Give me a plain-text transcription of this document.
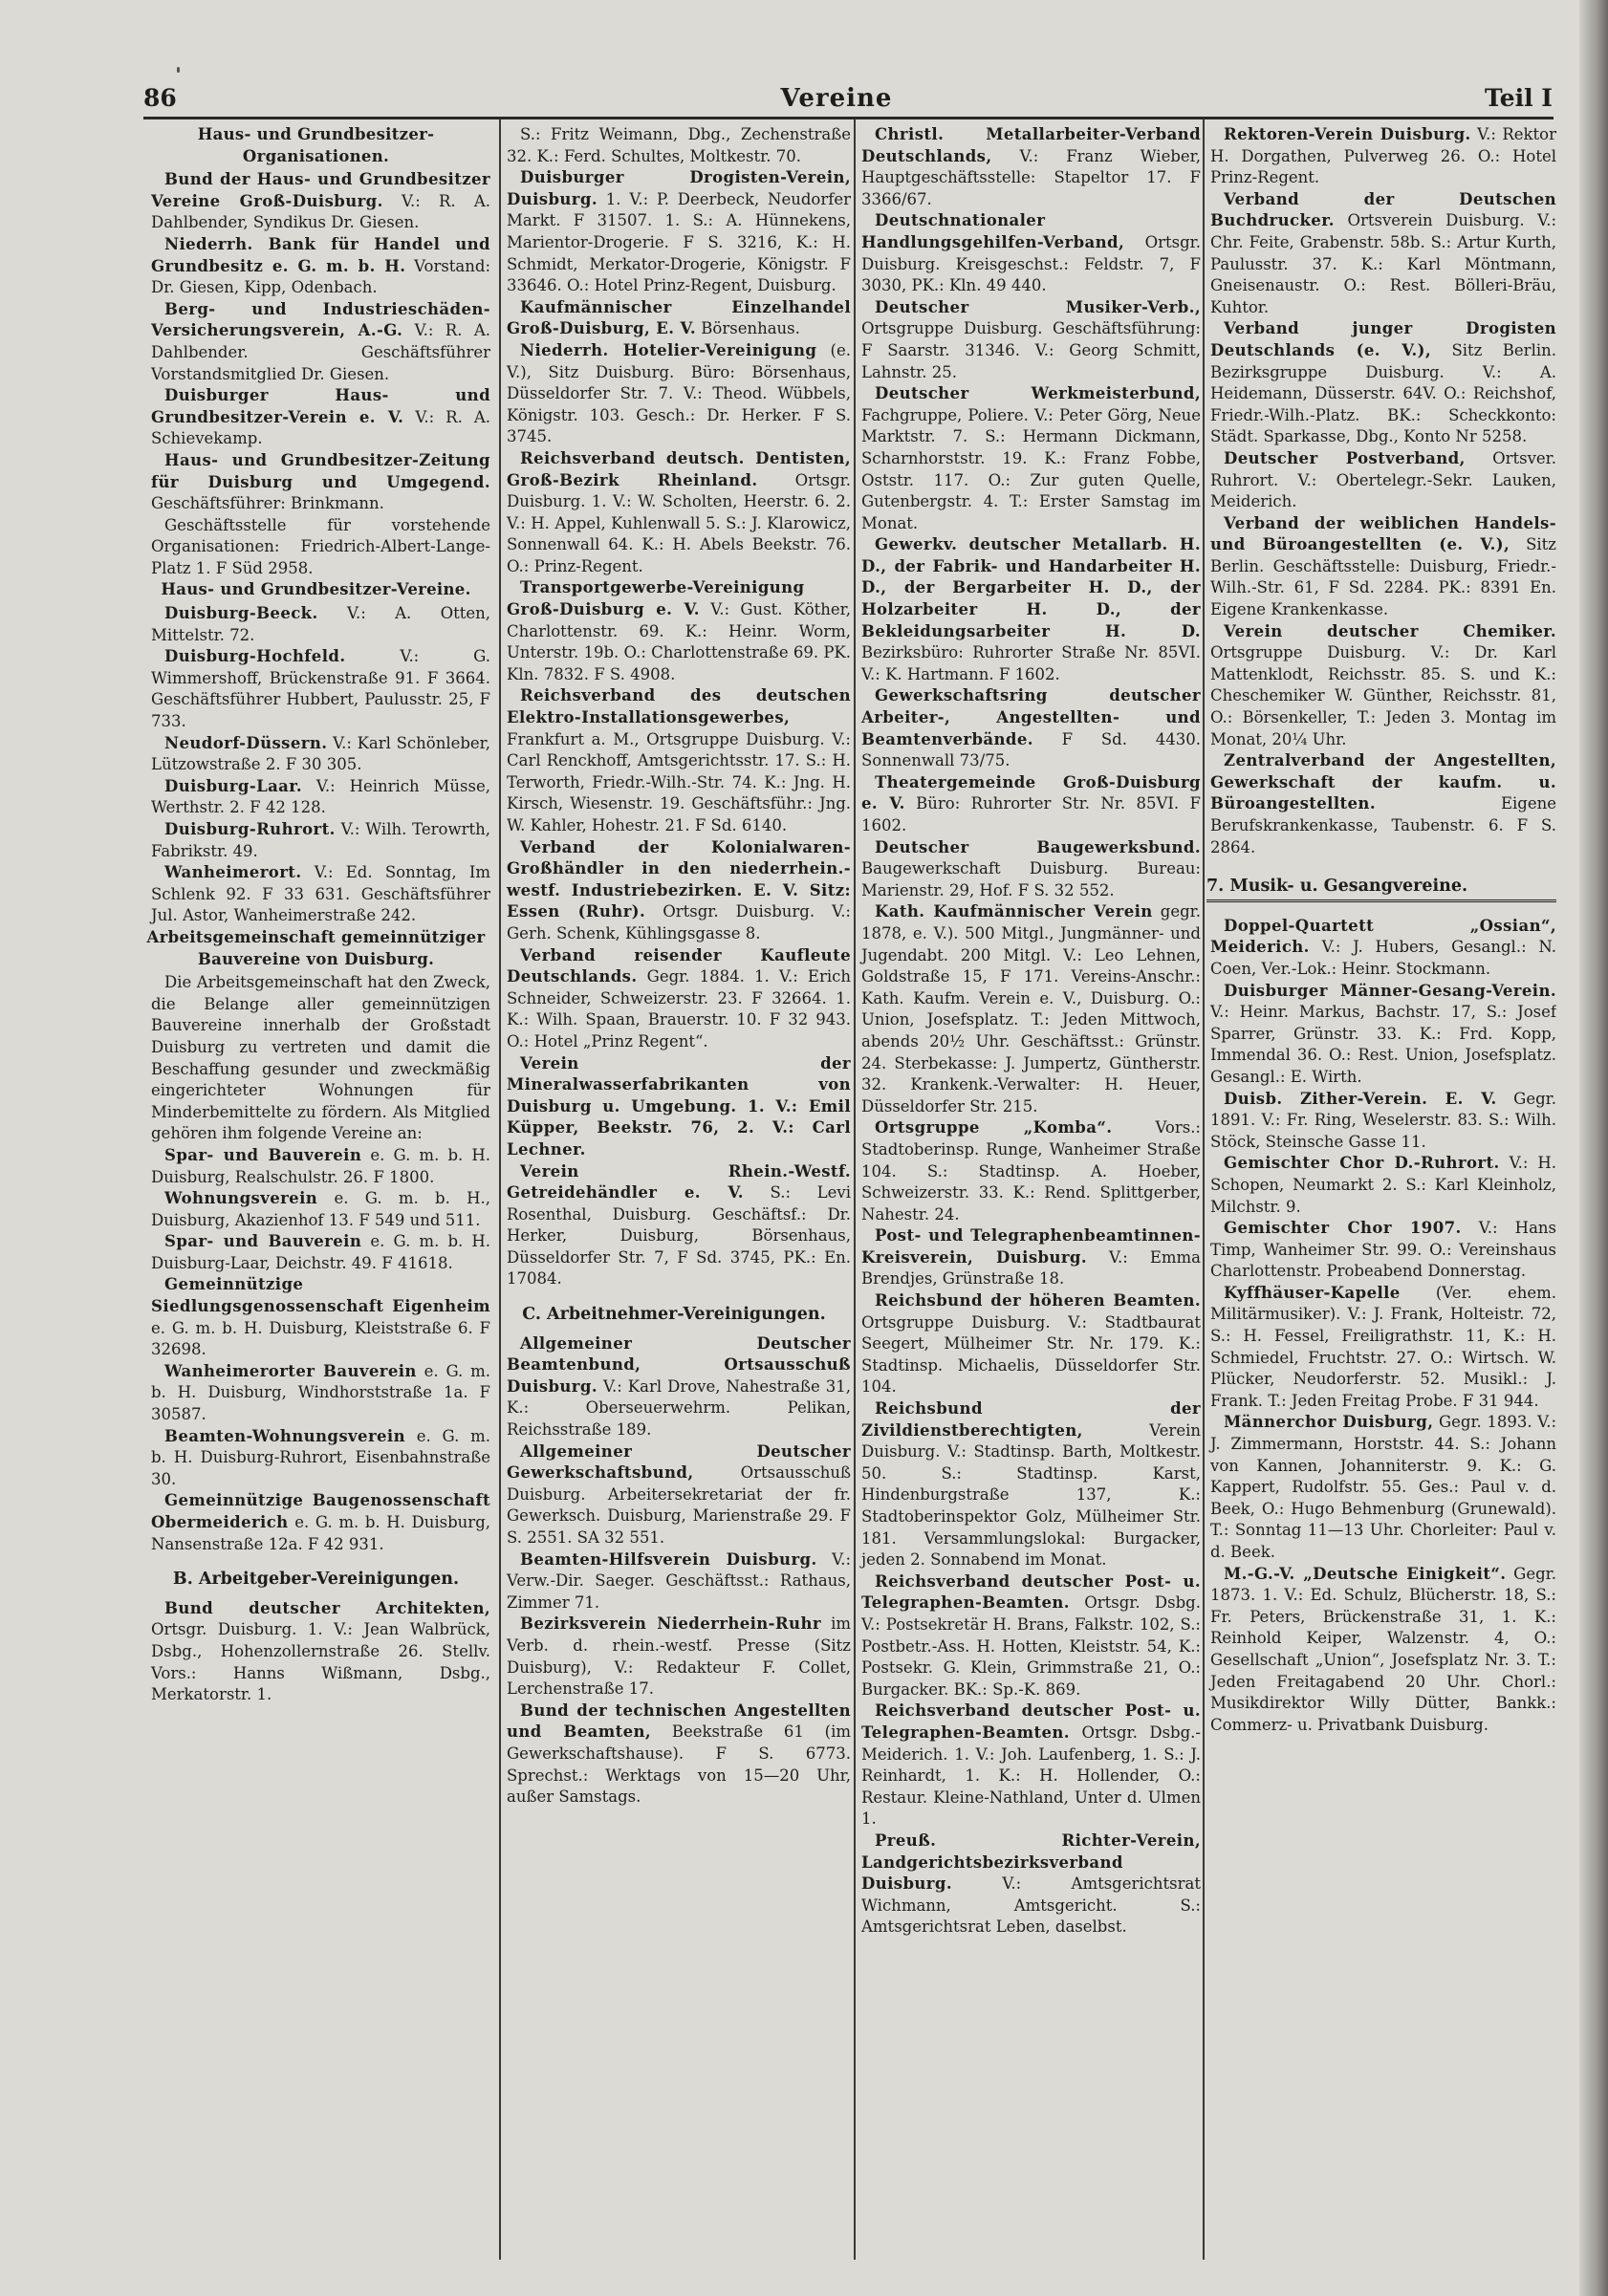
86	Vereine	Teil I
Haus- und Grundbesitzer-Organisationen.

Bund der Haus- und Grundbesitzer Vereine Groß-Duisburg. V.: R. A. Dahlbender, Syndikus Dr. Giesen.

Niederrh. Bank für Handel und Grundbesitz e. G. m. b. H. Vorstand: Dr. Giesen, Kipp, Odenbach.

Berg- und Industrieschäden-Versicherungsverein, A.-G. V.: R. A. Dahlbender. Geschäftsführer Vorstandsmitglied Dr. Giesen.

Duisburger Haus- und Grundbesitzer-Verein e. V. V.: R. A. Schievekamp.

Haus- und Grundbesitzer-Zeitung für Duisburg und Umgegend. Geschäftsführer: Brinkmann.

Geschäftsstelle für vorstehende Organisationen: Friedrich-Albert-Lange-Platz 1. F Süd 2958.

Haus- und Grundbesitzer-Vereine.

Duisburg-Beeck. V.: A. Otten, Mittelstr. 72.

Duisburg-Hochfeld.	V.: G. Wimmershoff, Brückenstraße 91. F 3664. Geschäftsführer Hubbert, Paulusstr. 25, F 733.

Neudorf-Düssern. V.: Karl Schönleber, Lützowstraße 2. F 30 305.

Duisburg-Laar. V.: Heinrich Müsse, Werthstr. 2. F 42 128.

Duisburg-Ruhrort. V.: Wilh. Terowrth, Fabrikstr. 49.

Wanheimerort. V.: Ed. Sonntag, Im Schlenk 92. F 33 631. Geschäftsführer Jul. Astor, Wanheimerstraße 242.

Arbeitsgemeinschaft gemeinnütziger Bauvereine von Duisburg.

Die Arbeitsgemeinschaft hat den Zweck, die Belange aller gemeinnützigen Bauvereine innerhalb der Großstadt Duisburg zu vertreten und damit die Beschaffung gesunder und zweckmäßig eingerichteter Wohnungen für Minderbemittelte zu fördern. Als Mitglied gehören ihm folgende Vereine an:

Spar- und Bauverein e. G. m. b. H. Duisburg, Realschulstr. 26. F 1800.

Wohnungsverein e. G. m. b. H., Duisburg, Akazienhof 13. F 549 und 511.

Spar- und Bauverein e. G. m. b. H. Duisburg-Laar, Deichstr. 49. F 41618.

Gemeinnützige Siedlungsgenossenschaft Eigenheim e. G. m. b. H. Duisburg, Kleiststraße 6. F 32698.

Wanheimerorter Bauverein e. G. m. b. H. Duisburg, Windhorststraße 1a. F 30587.

Beamten-Wohnungsverein e. G. m. b. H. Duisburg-Ruhrort, Eisenbahnstraße 30.

Gemeinnützige Baugenossenschaft Obermeiderich e. G. m. b. H. Duisburg, Nansenstraße 12a. F 42 931.

B. Arbeitgeber-Vereinigungen.

Bund deutscher Architekten, Ortsgr. Duisburg. 1. V.: Jean Walbrück, Dsbg., Hohenzollernstraße 26. Stellv. Vors.: Hanns Wißmann, Dsbg., Merkatorstr. 1.

S.: Fritz Weimann, Dbg., Zechenstraße 32. K.: Ferd. Schultes, Moltkestr. 70.

Duisburger Drogisten-Verein, Duisburg. 1. V.: P. Deerbeck, Neudorfer Markt. F 31507. 1. S.: A. Hünnekens, Marientor-Drogerie. F S. 3216, K.: H. Schmidt, Merkator-Drogerie, Königstr. F 33646. O.: Hotel Prinz-Regent, Duisburg.

Kaufmännischer Einzelhandel Groß-Duisburg, E. V. Börsenhaus.

Niederrh. Hotelier-Vereinigung (e. V.), Sitz Duisburg. Büro: Börsenhaus, Düsseldorfer Str. 7. V.: Theod. Wübbels, Königstr. 103. Gesch.: Dr. Herker. F S. 3745.

Reichsverband deutsch. Dentisten, Groß-Bezirk Rheinland. Ortsgr. Duisburg. 1. V.: W. Scholten, Heerstr. 6. 2. V.: H. Appel, Kuhlenwall 5. S.: J. Klarowicz, Sonnenwall 64. K.: H. Abels Beekstr. 76. O.: Prinz-Regent.

Transportgewerbe-Vereinigung Groß-Duisburg e. V. V.: Gust. Köther, Charlottenstr. 69. K.: Heinr. Worm, Unterstr. 19b. O.: Charlottenstraße 69. PK. Kln. 7832. F S. 4908.

Reichsverband des deutschen Elektro-Installationsgewerbes, Frankfurt a. M., Ortsgruppe Duisburg. V.: Carl Renckhoff, Amtsgerichtsstr. 17. S.: H. Terworth, Friedr.-Wilh.-Str. 74. K.: Jng. H. Kirsch, Wiesenstr. 19. Geschäftsführ.: Jng. W. Kahler, Hohestr. 21. F Sd. 6140.

Verband der Kolonialwaren-Großhändler in den niederrhein.-westf. Industriebezirken. E. V. Sitz: Essen (Ruhr). Ortsgr. Duisburg. V.: Gerh. Schenk, Kühlingsgasse 8.

Verband reisender Kaufleute Deutschlands. Gegr. 1884. 1. V.: Erich Schneider, Schweizerstr. 23. F 32664. 1. K.: Wilh. Spaan, Brauerstr. 10. F 32 943. O.: Hotel „Prinz Regent“.

Verein der Mineralwasserfabrikanten von Duisburg u. Umgebung. 1. V.: Emil Küpper, Beekstr. 76, 2. V.: Carl Lechner.

Verein Rhein.-Westf. Getreidehändler e. V. S.: Levi Rosenthal, Duisburg. Geschäftsf.: Dr. Herker, Duisburg, Börsenhaus, Düsseldorfer Str. 7, F Sd. 3745, PK.: En. 17084.

C. Arbeitnehmer-Vereinigungen.

Allgemeiner Deutscher Beamtenbund, Ortsausschuß Duisburg. V.: Karl Drove, Nahestraße 31, K.: Oberseuerwehrm. Pelikan, Reichsstraße 189.

Allgemeiner Deutscher Gewerkschaftsbund,	Ortsausschuß Duisburg. Arbeitersekretariat der fr. Gewerksch. Duisburg, Marienstraße 29. F S. 2551. SA 32 551.

Beamten-Hilfsverein Duisburg. V.: Verw.-Dir. Saeger. Geschäftsst.: Rathaus, Zimmer 71.

Bezirksverein Niederrhein-Ruhr im Verb. d. rhein.-westf. Presse (Sitz Duisburg), V.: Redakteur F. Collet, Lerchenstraße 17.

Bund der technischen Angestellten und Beamten, Beekstraße 61 (im Gewerkschaftshause). F S. 6773. Sprechst.: Werktags von 15—20 Uhr, außer Samstags.

Christl. Metallarbeiter-Verband Deutschlands, V.: Franz Wieber, Hauptgeschäftsstelle: Stapeltor 17. F 3366/67.

Deutschnationaler Handlungsgehilfen-Verband, Ortsgr. Duisburg. Kreisgeschst.: Feldstr. 7, F 3030, PK.: Kln. 49 440.

Deutscher Musiker-Verb., Ortsgruppe Duisburg. Geschäftsführung: F Saarstr. 31346. V.: Georg Schmitt, Lahnstr. 25.

Deutscher Werkmeisterbund, Fachgruppe, Poliere. V.: Peter Görg, Neue Marktstr. 7. S.: Hermann Dickmann, Scharnhorststr. 19. K.: Franz Fobbe, Oststr. 117. O.: Zur guten Quelle, Gutenbergstr. 4. T.: Erster Samstag im Monat.

Gewerkv. deutscher Metallarb. H. D., der Fabrik- und Handarbeiter H. D., der Bergarbeiter H. D., der Holzarbeiter H. D., der Bekleidungsarbeiter H. D. Bezirksbüro: Ruhrorter Straße Nr. 85VI. V.: K. Hartmann. F 1602.

Gewerkschaftsring deutscher Arbeiter-, Angestellten- und Beamtenverbände. F Sd. 4430. Sonnenwall 73/75.

Theatergemeinde Groß-Duisburg e. V. Büro: Ruhrorter Str. Nr. 85VI. F 1602.

Deutscher Baugewerksbund. Baugewerkschaft Duisburg. Bureau: Marienstr. 29, Hof. F S. 32 552.

Kath. Kaufmännischer Verein gegr. 1878, e. V.). 500 Mitgl., Jungmänner- und Jugendabt. 200 Mitgl. V.: Leo Lehnen, Goldstraße 15, F 171. Vereins-Anschr.: Kath. Kaufm. Verein e. V., Duisburg. O.: Union, Josefsplatz. T.: Jeden Mittwoch, abends 20½ Uhr. Geschäftsst.: Grünstr. 24. Sterbekasse: J. Jumpertz, Güntherstr. 32. Krankenk.-Verwalter: H. Heuer, Düsseldorfer Str. 215.

Ortsgruppe „Komba“.	Vors.: Stadtoberinsp. Runge, Wanheimer Straße 104. S.: Stadtinsp. A. Hoeber, Schweizerstr. 33. K.: Rend. Splittgerber, Nahestr. 24.

Post- und Telegraphenbeamtinnen-Kreisverein, Duisburg. V.: Emma Brendjes, Grünstraße 18.

Reichsbund der höheren Beamten. Ortsgruppe Duisburg. V.: Stadtbaurat Seegert, Mülheimer Str. Nr. 179. K.: Stadtinsp. Michaelis, Düsseldorfer Str. 104.

Reichsbund der Zivildienstberechtigten,	Verein Duisburg. V.: Stadtinsp. Barth, Moltkestr. 50. S.: Stadtinsp. Karst, Hindenburgstraße 137, K.: Stadtoberinspektor Golz, Mülheimer Str. 181. Versammlungslokal: Burgacker, jeden 2. Sonnabend im Monat.

Reichsverband deutscher Post- u. Telegraphen-Beamten. Ortsgr. Dsbg. V.: Postsekretär H. Brans, Falkstr. 102, S.: Postbetr.-Ass. H. Hotten, Kleiststr. 54, K.: Postsekr. G. Klein, Grimmstraße 21, O.: Burgacker. BK.: Sp.-K. 869.

Reichsverband deutscher Post- u. Telegraphen-Beamten. Ortsgr. Dsbg.-Meiderich. 1. V.: Joh. Laufenberg, 1. S.: J. Reinhardt, 1. K.: H. Hollender, O.: Restaur. Kleine-Nathland, Unter d. Ulmen 1.

Preuß. Richter-Verein, Landgerichtsbezirksverband Duisburg.	V.: Amtsgerichtsrat Wichmann, Amtsgericht. S.: Amtsgerichtsrat Leben, daselbst.

Rektoren-Verein Duisburg. V.: Rektor H. Dorgathen, Pulverweg 26. O.: Hotel Prinz-Regent.

Verband der Deutschen Buchdrucker. Ortsverein Duisburg. V.: Chr. Feite, Grabenstr. 58b. S.: Artur Kurth, Paulusstr. 37. K.: Karl Möntmann, Gneisenaustr. O.: Rest. Bölleri-Bräu, Kuhtor.

Verband junger Drogisten Deutschlands (e. V.), Sitz Berlin. Bezirksgruppe Duisburg. V.: A. Heidemann, Düsserstr. 64V. O.: Reichshof, Friedr.-Wilh.-Platz. BK.: Scheckkonto: Städt. Sparkasse, Dbg., Konto Nr 5258.

Deutscher Postverband, Ortsver. Ruhrort. V.: Obertelegr.-Sekr. Lauken, Meiderich.

Verband der weiblichen Handels- und Büroangestellten (e. V.), Sitz Berlin. Geschäftsstelle: Duisburg, Friedr.-Wilh.-Str. 61, F Sd. 2284. PK.: 8391 En. Eigene Krankenkasse.

Verein deutscher Chemiker. Ortsgruppe Duisburg. V.: Dr. Karl Mattenklodt, Reichsstr. 85. S. und K.: Cheschemiker W. Günther, Reichsstr. 81, O.: Börsenkeller, T.: Jeden 3. Montag im Monat, 20¼ Uhr.

Zentralverband der Angestellten, Gewerkschaft der kaufm. u. Büroangestellten.	Eigene Berufskrankenkasse, Taubenstr. 6. F S. 2864.

7. Musik- u. Gesangvereine.

Doppel-Quartett „Ossian“, Meiderich. V.: J. Hubers, Gesangl.: N. Coen, Ver.-Lok.: Heinr. Stockmann.

Duisburger Männer-Gesang-Verein. V.: Heinr. Markus, Bachstr. 17, S.: Josef Sparrer, Grünstr. 33. K.: Frd. Kopp, Immendal 36. O.: Rest. Union, Josefsplatz. Gesangl.: E. Wirth.

Duisb. Zither-Verein. E. V. Gegr. 1891. V.: Fr. Ring, Weselerstr. 83. S.: Wilh. Stöck, Steinsche Gasse 11.

Gemischter Chor D.-Ruhrort. V.: H. Schopen, Neumarkt 2. S.: Karl Kleinholz, Milchstr. 9.

Gemischter Chor 1907. V.: Hans Timp, Wanheimer Str. 99. O.: Vereinshaus Charlottenstr. Probeabend Donnerstag.

Kyffhäuser-Kapelle (Ver. ehem. Militärmusiker). V.: J. Frank, Holteistr. 72, S.: H. Fessel, Freiligrathstr. 11, K.: H. Schmiedel, Fruchtstr. 27. O.: Wirtsch. W. Plücker, Neudorferstr. 52. Musikl.: J. Frank. T.: Jeden Freitag Probe. F 31 944.

Männerchor Duisburg, Gegr. 1893. V.: J. Zimmermann, Horststr. 44. S.: Johann von Kannen, Johanniterstr. 9. K.: G. Kappert, Rudolfstr. 55. Ges.: Paul v. d. Beek, O.: Hugo Behmenburg (Grunewald). T.: Sonntag 11—13 Uhr. Chorleiter: Paul v. d. Beek.

M.-G.-V. „Deutsche Einigkeit“. Gegr. 1873. 1. V.: Ed. Schulz, Blücherstr. 18, S.: Fr. Peters, Brückenstraße 31, 1. K.: Reinhold Keiper, Walzenstr. 4, O.: Gesellschaft „Union“, Josefsplatz Nr. 3. T.: Jeden Freitagabend 20 Uhr. Chorl.: Musikdirektor Willy Dütter, Bankk.: Commerz- u. Privatbank Duisburg.
